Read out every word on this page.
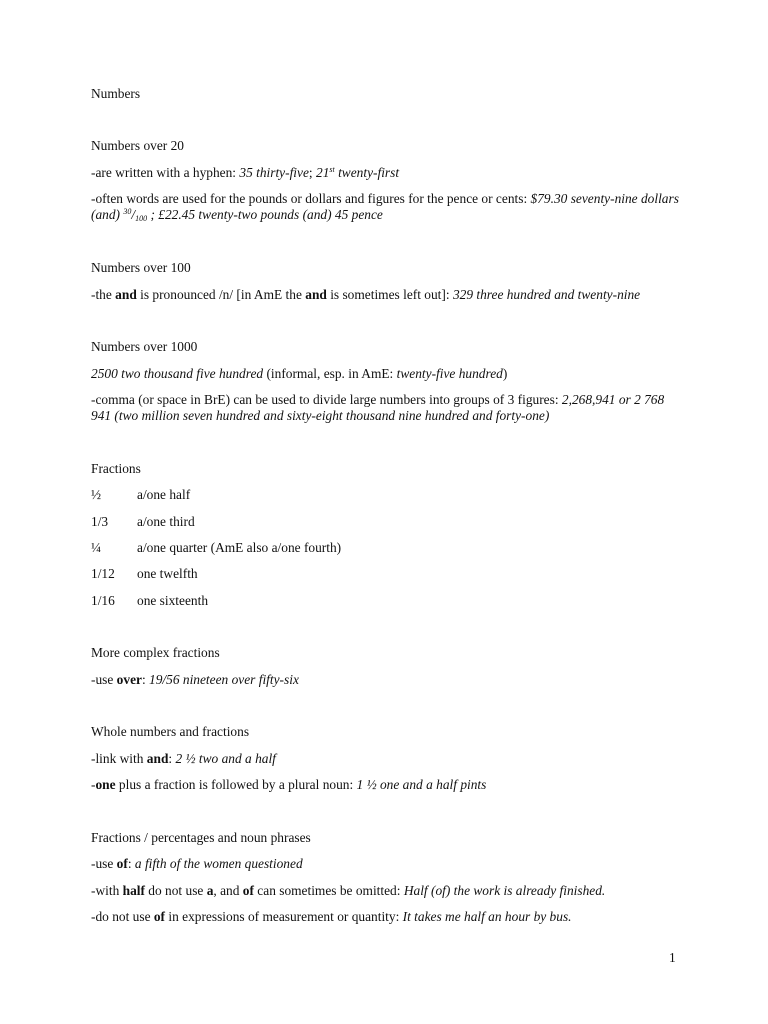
Numbers
Numbers over 20
-are written with a hyphen: 35 thirty-five; 21st twenty-first
-often words are used for the pounds or dollars and figures for the pence or cents: $79.30 seventy-nine dollars (and) $^{30}/_{100}$ ; £22.45 twenty-two pounds (and) 45 pence
Numbers over 100
-the and is pronounced /n/ [in AmE the and is sometimes left out]: 329 three hundred and twenty-nine
Numbers over 1000
2500 two thousand five hundred (informal, esp. in AmE: twenty-five hundred)
-comma (or space in BrE) can be used to divide large numbers into groups of 3 figures: 2,268,941 or 2 768 941 (two million seven hundred and sixty-eight thousand nine hundred and forty-one)
Fractions
½	a/one half
1/3 a/one third
¼	a/one quarter (AmE also a/one fourth)
1/12 one twelfth
1/16 one sixteenth
More complex fractions
-use over: 19/56 nineteen over fifty-six
Whole numbers and fractions
-link with and: 2 ½ two and a half
-one plus a fraction is followed by a plural noun: 1 ½ one and a half pints
Fractions / percentages and noun phrases
-use of: a fifth of the women questioned
-with half do not use a, and of can sometimes be omitted: Half (of) the work is already finished.
-do not use of in expressions of measurement or quantity: It takes me half an hour by bus.
1
